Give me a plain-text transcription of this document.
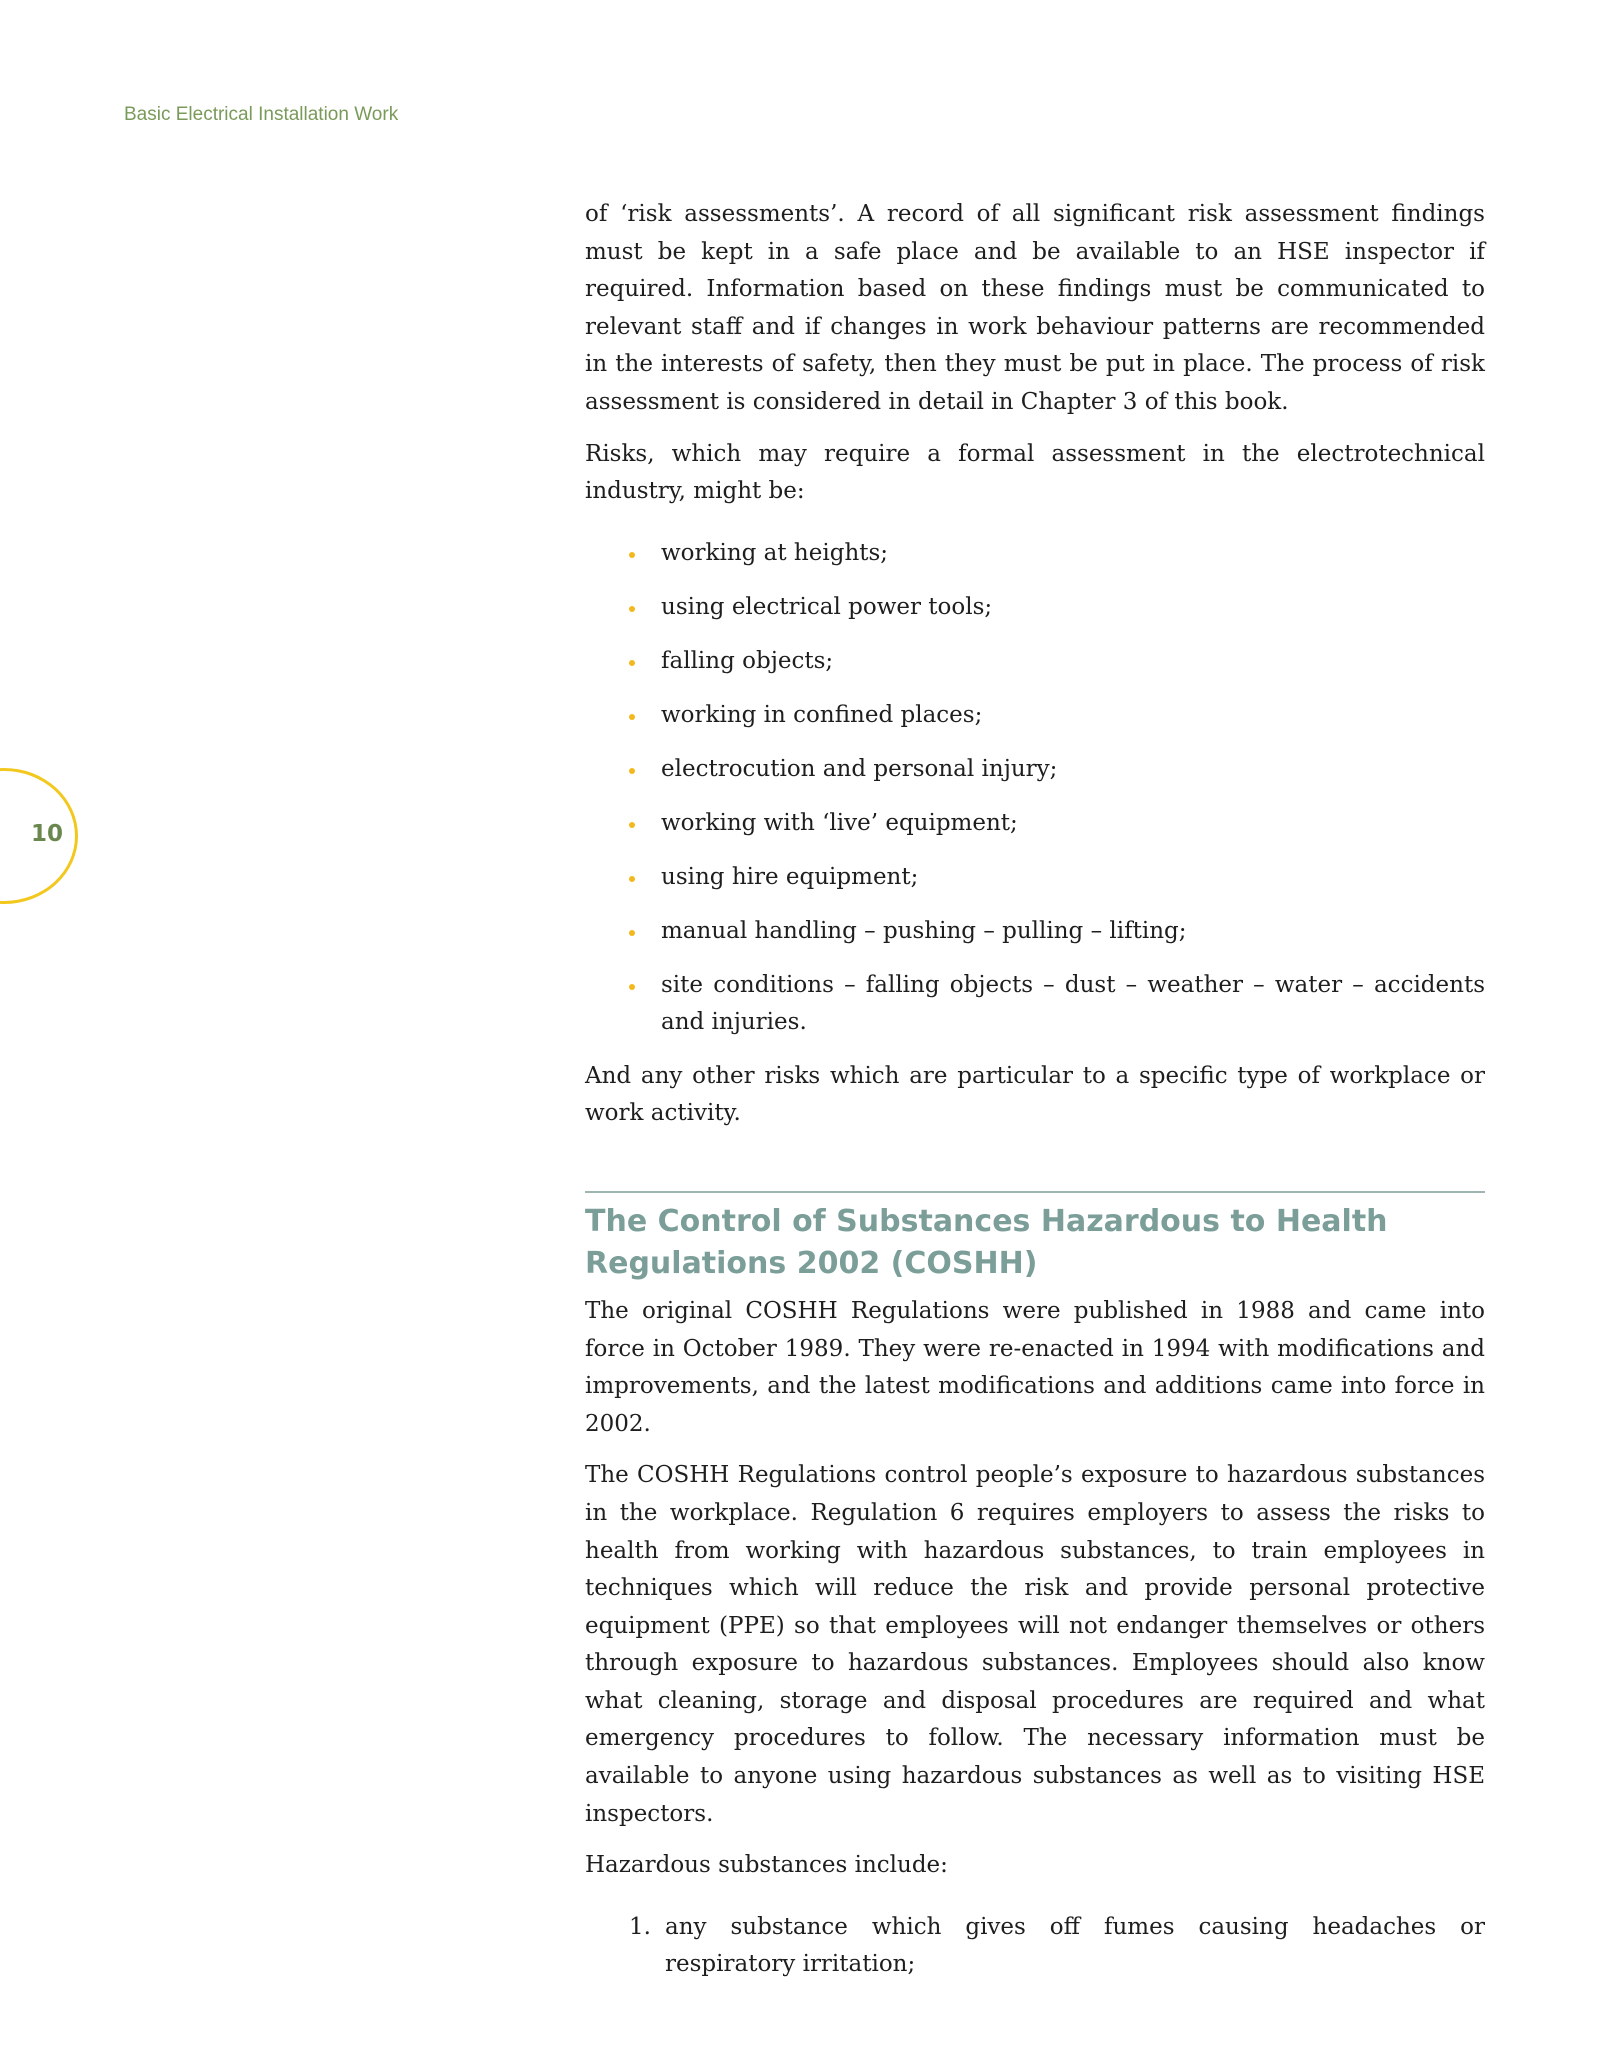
Basic Electrical Installation Work
10

of ‘risk assessments’. A record of all significant risk assessment findings must be kept in a safe place and be available to an HSE inspector if required. Information based on these findings must be communicated to relevant staff and if changes in work behaviour patterns are recommended in the interests of safety, then they must be put in place. The process of risk assessment is considered in detail in Chapter 3 of this book.

Risks, which may require a formal assessment in the electrotechnical industry, might be:

working at heights;
using electrical power tools;
falling objects;
working in confined places;
electrocution and personal injury;
working with ‘live’ equipment;
using hire equipment;
manual handling – pushing – pulling – lifting;
site conditions – falling objects – dust – weather – water – accidents and injuries.

And any other risks which are particular to a specific type of workplace or work activity.

The Control of Substances Hazardous to Health Regulations 2002 (COSHH)

The original COSHH Regulations were published in 1988 and came into force in October 1989. They were re-enacted in 1994 with modifications and improvements, and the latest modifications and additions came into force in 2002.

The COSHH Regulations control people’s exposure to hazardous substances in the workplace. Regulation 6 requires employers to assess the risks to health from working with hazardous substances, to train employees in techniques which will reduce the risk and provide personal protective equipment (PPE) so that employees will not endanger themselves or others through exposure to hazardous substances. Employees should also know what cleaning, storage and disposal procedures are required and what emergency procedures to follow. The necessary information must be available to anyone using hazardous substances as well as to visiting HSE inspectors.

Hazardous substances include:

1. any substance which gives off fumes causing headaches or respiratory irritation;
